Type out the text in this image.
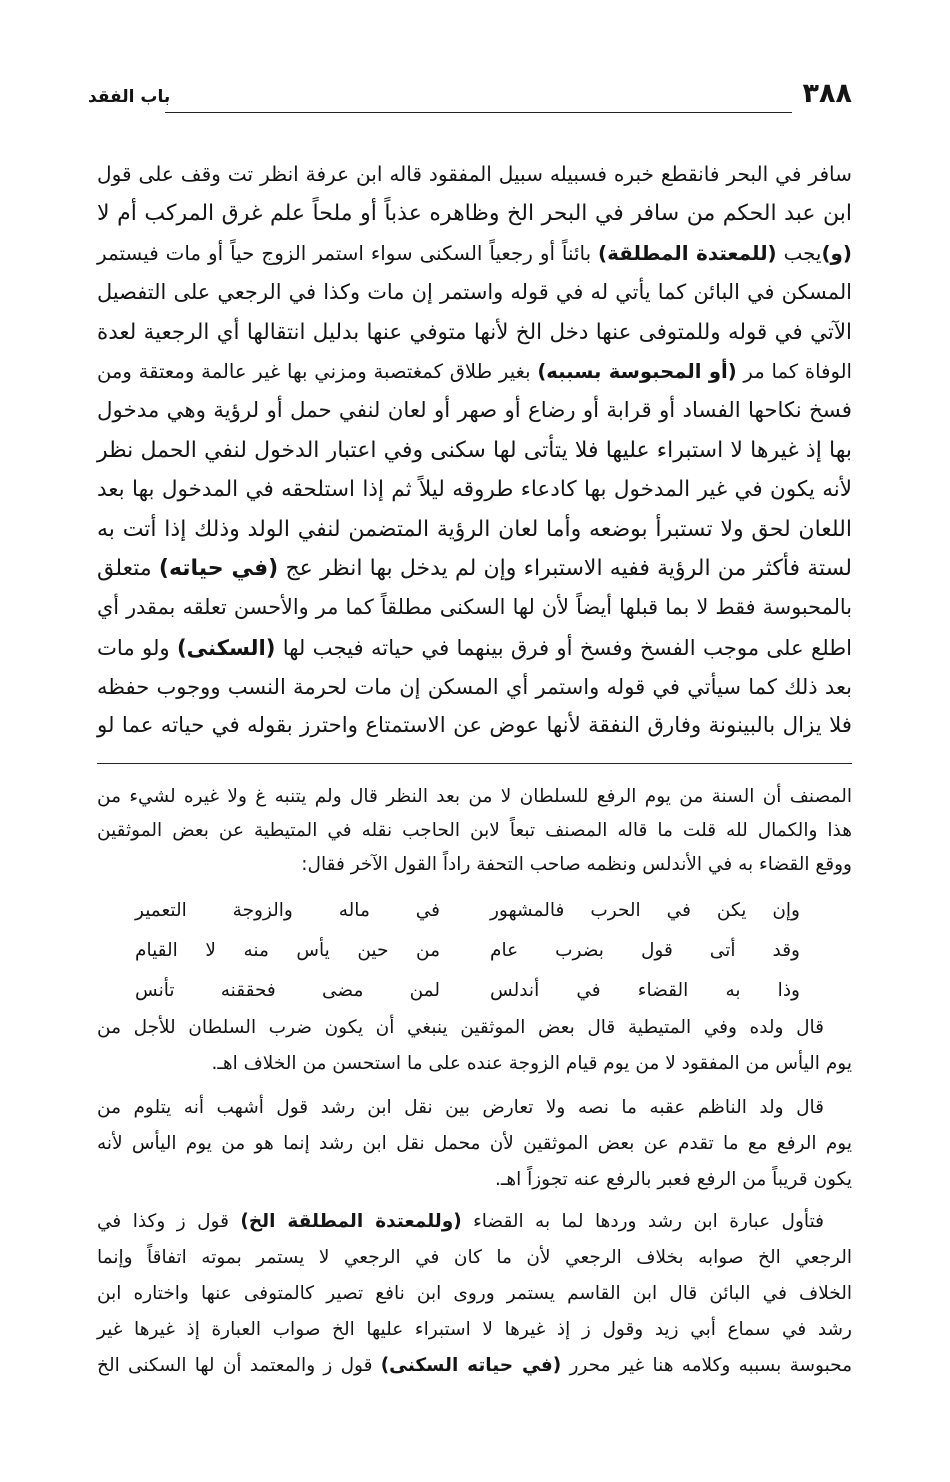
٣٨٨
باب الفقد
سافر في البحر فانقطع خبره فسبيله سبيل المفقود قاله ابن عرفة انظر تت وقف على قول
ابن عبد الحكم من سافر في البحر الخ وظاهره عذباً أو ملحاً علم غرق المركب أم لا
(و)يجب (للمعتدة المطلقة) بائناً أو رجعياً السكنى سواء استمر الزوج حياً أو مات فيستمر
المسكن في البائن كما يأتي له في قوله واستمر إن مات وكذا في الرجعي على التفصيل
الآتي في قوله وللمتوفى عنها دخل الخ لأنها متوفي عنها بدليل انتقالها أي الرجعية لعدة
الوفاة كما مر (أو المحبوسة بسببه) بغير طلاق كمغتصبة ومزني بها غير عالمة ومعتقة ومن
فسخ نكاحها الفساد أو قرابة أو رضاع أو صهر أو لعان لنفي حمل أو لرؤية وهي مدخول
بها إذ غيرها لا استبراء عليها فلا يتأتى لها سكنى وفي اعتبار الدخول لنفي الحمل نظر
لأنه يكون في غير المدخول بها كادعاء طروقه ليلاً ثم إذا استلحقه في المدخول بها بعد
اللعان لحق ولا تستبرأ بوضعه وأما لعان الرؤية المتضمن لنفي الولد وذلك إذا أتت به
لستة فأكثر من الرؤية ففيه الاستبراء وإن لم يدخل بها انظر عج (في حياته) متعلق
بالمحبوسة فقط لا بما قبلها أيضاً لأن لها السكنى مطلقاً كما مر والأحسن تعلقه بمقدر أي
اطلع على موجب الفسخ وفسخ أو فرق بينهما في حياته فيجب لها (السكنى) ولو مات
بعد ذلك كما سيأتي في قوله واستمر أي المسكن إن مات لحرمة النسب ووجوب حفظه
فلا يزال بالبينونة وفارق النفقة لأنها عوض عن الاستمتاع واحترز بقوله في حياته عما لو
المصنف أن السنة من يوم الرفع للسلطان لا من بعد النظر قال ولم يتنبه غ ولا غيره لشيء من
هذا والكمال لله قلت ما قاله المصنف تبعاً لابن الحاجب نقله في المتيطية عن بعض الموثقين
ووقع القضاء به في الأندلس ونظمه صاحب التحفة راداً القول الآخر فقال:
وإن يكن في الحرب فالمشهور
في ماله والزوجة التعمير
وقد أتى قول بضرب عام
من حين يأس منه لا القيام
وذا به القضاء في أندلس
لمن مضى فحققنه تأنس
قال ولده وفي المتيطية قال بعض الموثقين ينبغي أن يكون ضرب السلطان للأجل من
يوم اليأس من المفقود لا من يوم قيام الزوجة عنده على ما استحسن من الخلاف اهـ.
قال ولد الناظم عقبه ما نصه ولا تعارض بين نقل ابن رشد قول أشهب أنه يتلوم من
يوم الرفع مع ما تقدم عن بعض الموثقين لأن محمل نقل ابن رشد إنما هو من يوم اليأس لأنه
يكون قريباً من الرفع فعبر بالرفع عنه تجوزاً اهـ.
فتأول عبارة ابن رشد وردها لما به القضاء (وللمعتدة المطلقة الخ) قول ز وكذا في
الرجعي الخ صوابه بخلاف الرجعي لأن ما كان في الرجعي لا يستمر بموته اتفاقاً وإنما
الخلاف في البائن قال ابن القاسم يستمر وروى ابن نافع تصير كالمتوفى عنها واختاره ابن
رشد في سماع أبي زيد وقول ز إذ غيرها لا استبراء عليها الخ صواب العبارة إذ غيرها غير
محبوسة بسببه وكلامه هنا غير محرر (في حياته السكنى) قول ز والمعتمد أن لها السكنى الخ
